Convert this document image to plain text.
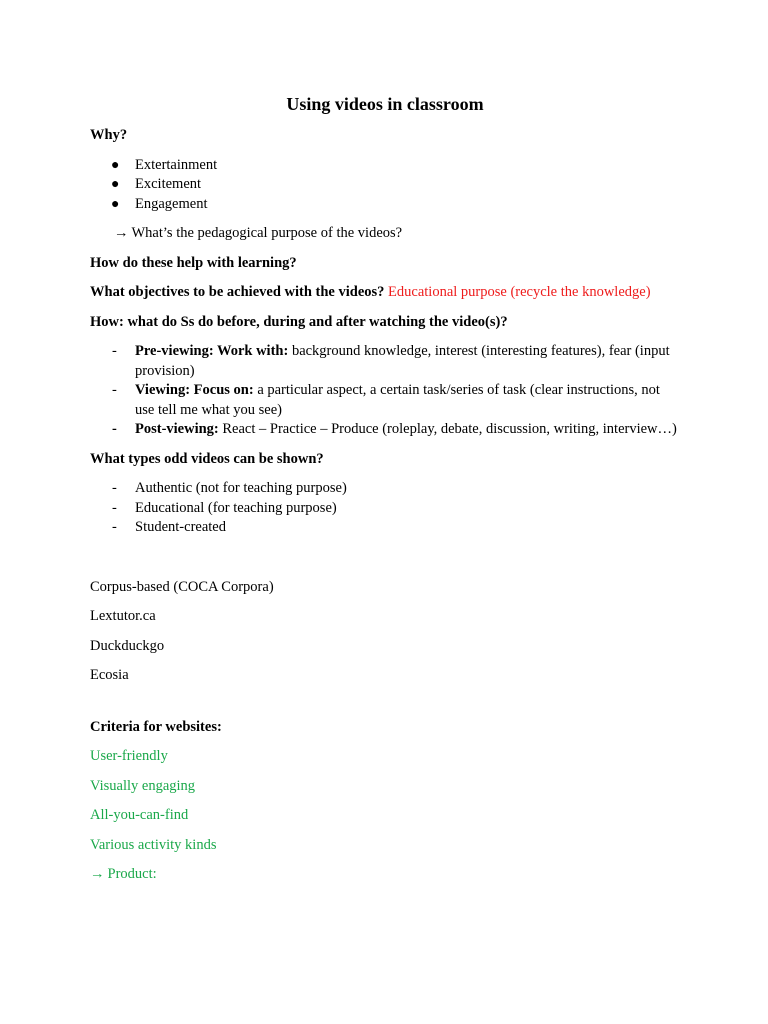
Using videos in classroom

Why?

● Extertainment
● Excitement
● Engagement

→ What’s the pedagogical purpose of the videos?

How do these help with learning?

What objectives to be achieved with the videos? Educational purpose (recycle the knowledge)

How: what do Ss do before, during and after watching the video(s)?

- Pre-viewing: Work with: background knowledge, interest (interesting features), fear (input provision)
- Viewing: Focus on: a particular aspect, a certain task/series of task (clear instructions, not use tell me what you see)
- Post-viewing: React – Practice – Produce (roleplay, debate, discussion, writing, interview…)

What types odd videos can be shown?

- Authentic (not for teaching purpose)
- Educational (for teaching purpose)
- Student-created

Corpus-based (COCA Corpora)

Lextutor.ca

Duckduckgo

Ecosia

Criteria for websites:

User-friendly

Visually engaging

All-you-can-find

Various activity kinds

→ Product:
